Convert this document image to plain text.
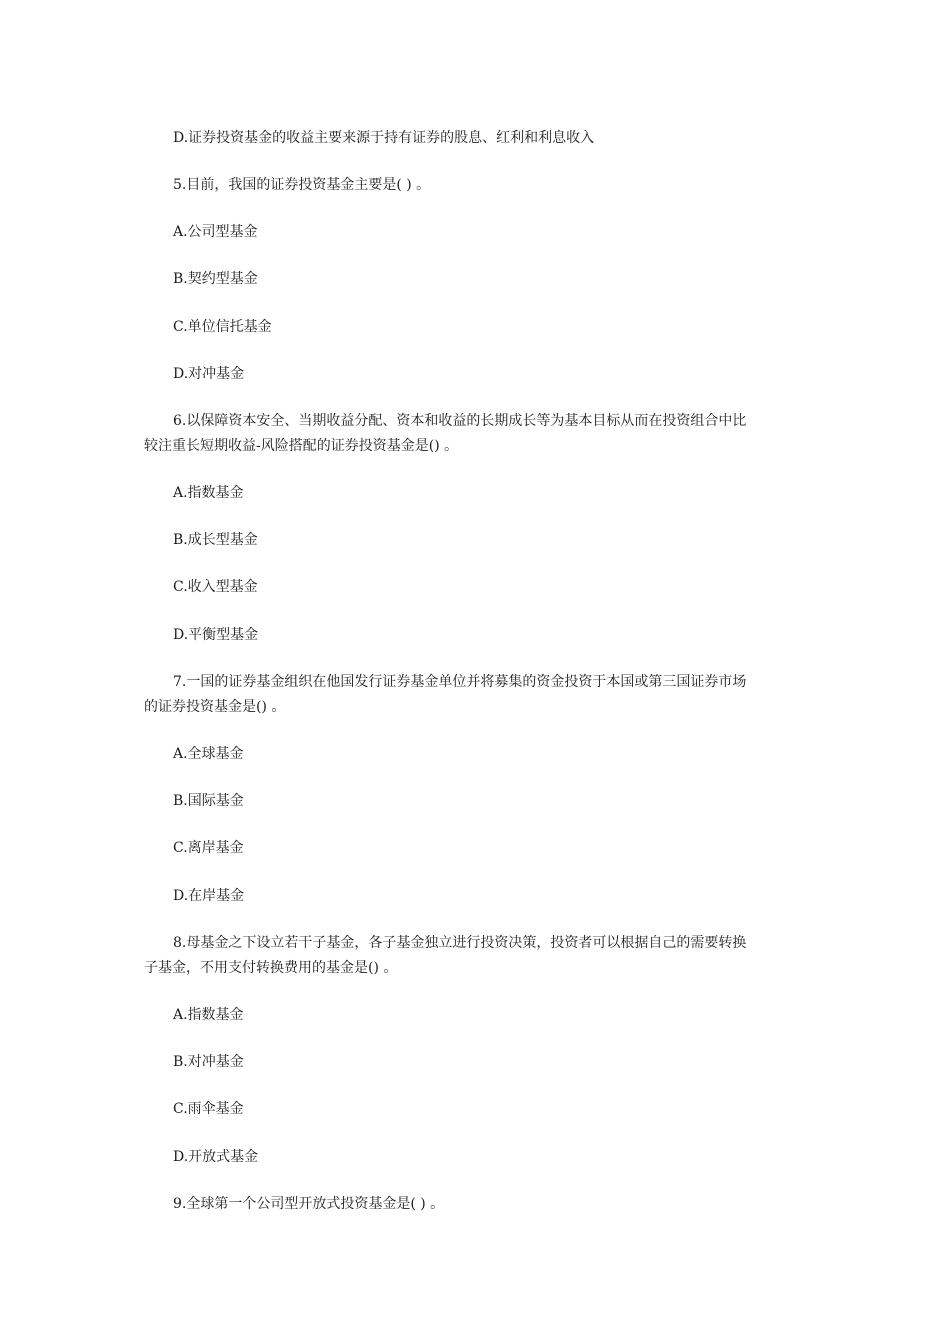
D.证券投资基金的收益主要来源于持有证券的股息、红利和利息收入
5.目前，我国的证券投资基金主要是( ) 。
A.公司型基金
B.契约型基金
C.单位信托基金
D.对冲基金
6.以保障资本安全、当期收益分配、资本和收益的长期成长等为基本目标从而在投资组合中比
较注重长短期收益-风险搭配的证券投资基金是() 。
A.指数基金
B.成长型基金
C.收入型基金
D.平衡型基金
7.一国的证券基金组织在他国发行证券基金单位并将募集的资金投资于本国或第三国证券市场
的证券投资基金是() 。
A.全球基金
B.国际基金
C.离岸基金
D.在岸基金
8.母基金之下设立若干子基金，各子基金独立进行投资决策，投资者可以根据自己的需要转换
子基金，不用支付转换费用的基金是() 。
A.指数基金
B.对冲基金
C.雨伞基金
D.开放式基金
9.全球第一个公司型开放式投资基金是( ) 。
